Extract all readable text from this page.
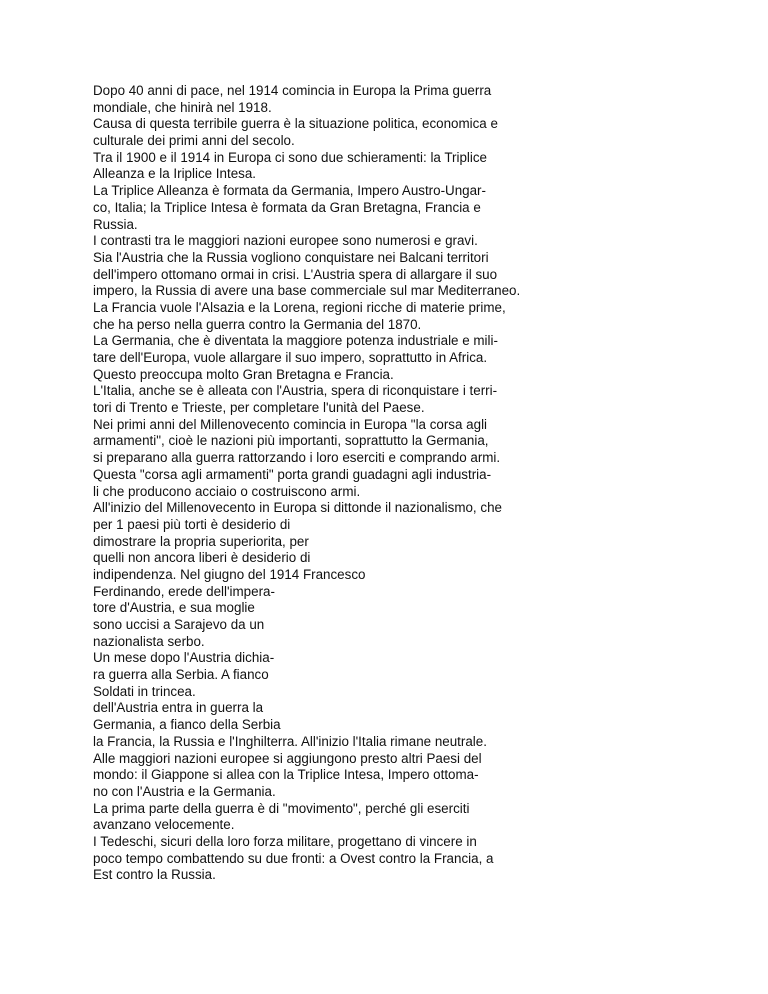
Dopo 40 anni di pace, nel 1914 comincia in Europa la Prima guerra
mondiale, che hinirà nel 1918.
Causa di questa terribile guerra è la situazione politica, economica e
culturale dei primi anni del secolo.
Tra il 1900 e il 1914 in Europa ci sono due schieramenti: la Triplice
Alleanza e la Iriplice Intesa.
La Triplice Alleanza è formata da Germania, Impero Austro-Ungar-
co, Italia; la Triplice Intesa è formata da Gran Bretagna, Francia e
Russia.
I contrasti tra le maggiori nazioni europee sono numerosi e gravi.
Sia l'Austria che la Russia vogliono conquistare nei Balcani territori
dell'impero ottomano ormai in crisi. L'Austria spera di allargare il suo
impero, la Russia di avere una base commerciale sul mar Mediterraneo.
La Francia vuole l'Alsazia e la Lorena, regioni ricche di materie prime,
che ha perso nella guerra contro la Germania del 1870.
La Germania, che è diventata la maggiore potenza industriale e mili-
tare dell'Europa, vuole allargare il suo impero, soprattutto in Africa.
Questo preoccupa molto Gran Bretagna e Francia.
L'Italia, anche se è alleata con l'Austria, spera di riconquistare i terri-
tori di Trento e Trieste, per completare l'unità del Paese.
Nei primi anni del Millenovecento comincia in Europa "la corsa agli
armamenti", cioè le nazioni più importanti, soprattutto la Germania,
si preparano alla guerra rattorzando i loro eserciti e comprando armi.
Questa "corsa agli armamenti" porta grandi guadagni agli industria-
li che producono acciaio o costruiscono armi.
All'inizio del Millenovecento in Europa si dittonde il nazionalismo, che
per 1 paesi più torti è desiderio di
dimostrare la propria superiorita, per
quelli non ancora liberi è desiderio di
indipendenza. Nel giugno del 1914 Francesco
Ferdinando, erede dell'impera-
tore d'Austria, e sua moglie
sono uccisi a Sarajevo da un
nazionalista serbo.
Un mese dopo l'Austria dichia-
ra guerra alla Serbia. A fianco
Soldati in trincea.
dell'Austria entra in guerra la
Germania, a fianco della Serbia
la Francia, la Russia e l'Inghilterra. All'inizio l'Italia rimane neutrale.
Alle maggiori nazioni europee si aggiungono presto altri Paesi del
mondo: il Giappone si allea con la Triplice Intesa, Impero ottoma-
no con l'Austria e la Germania.
La prima parte della guerra è di "movimento", perché gli eserciti
avanzano velocemente.
I Tedeschi, sicuri della loro forza militare, progettano di vincere in
poco tempo combattendo su due fronti: a Ovest contro la Francia, a
Est contro la Russia.
